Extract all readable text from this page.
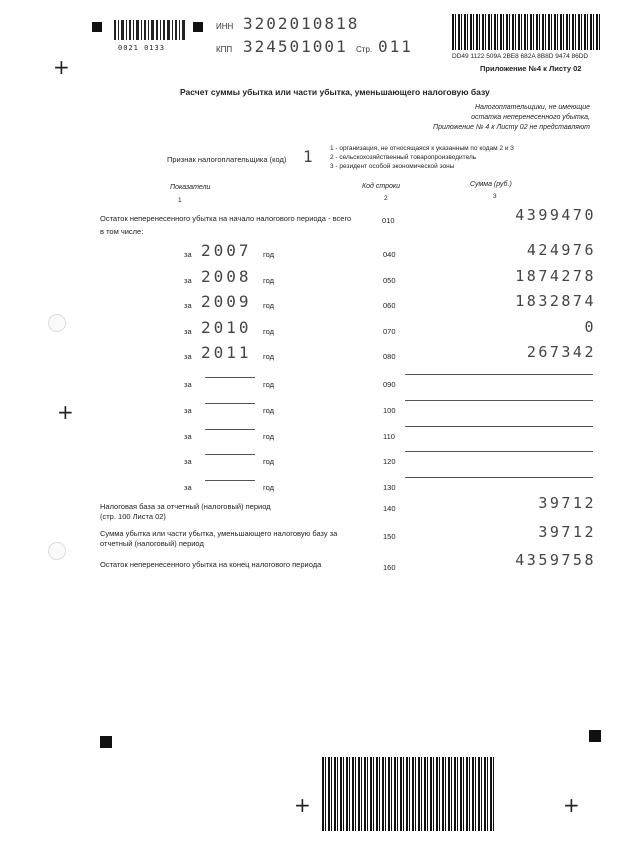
+
+
+	+
0021 0133
ИНН 3202010818
КПП 324501001 Стр. 011
DD49 1122 509A 2BE8 682A 8B8D 9474 86DD
Приложение №4 к Листу 02
Расчет суммы убытка или части убытка, уменьшающего налоговую базу
Налогоплательщики, не имеющие
остатка неперенесенного убытка,
Приложение № 4 к Листу 02 не представляют
Признак налогоплательщика (код) 1	1 - организация, не относящаяся к указанным по кодам 2 и 3
2 - сельскохозяйственный товаропроизводитель
3 - резидент особой экономической зоны
Показатели	Код строки	Сумма (руб.)
1	2	3
Остаток неперенесенного убытка на начало налогового периода - всего
в том числе:
010	4399470
за 2007 год	040	424976
за 2008 год	050	1874278
за 2009 год	060	1832874
за 2010 год	070	0
за 2011 год	080	267342
за	год	090
за	год	100
за	год	110
за	год	120
за	год	130
Налоговая база за отчетный (налоговый) период
(стр. 100 Листа 02)
140	39712
Сумма убытка или части убытка, уменьшающего налоговую базу за
отчетный (налоговый) период
150	39712
Остаток неперенесенного убытка на конец налогового периода	160	4359758
